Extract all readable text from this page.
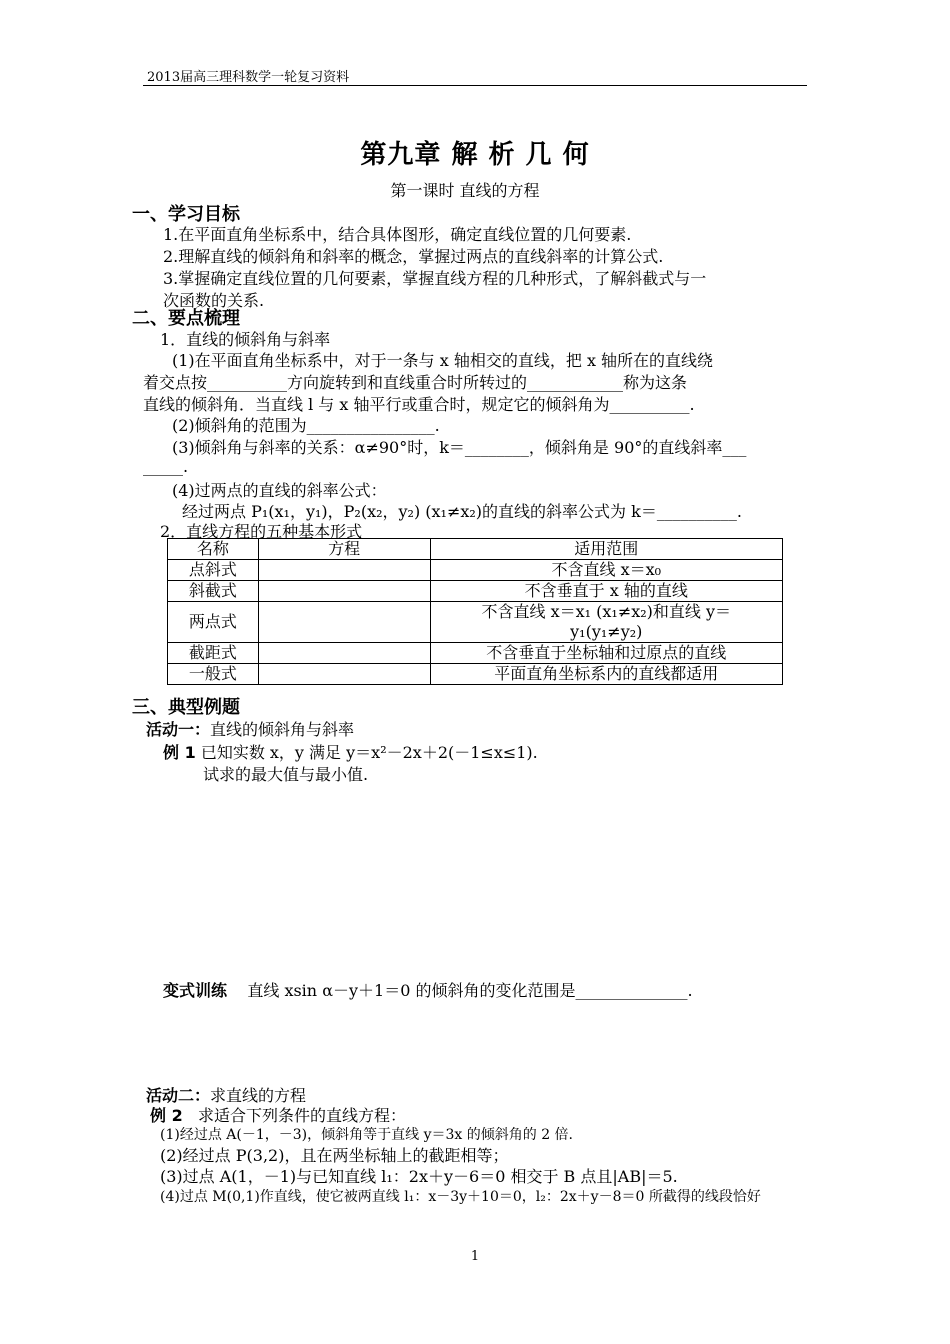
2013届高三理科数学一轮复习资料
第九章 解 析 几 何
第一课时 直线的方程
一、学习目标
1.在平面直角坐标系中，结合具体图形，确定直线位置的几何要素.
2.理解直线的倾斜角和斜率的概念，掌握过两点的直线斜率的计算公式.
3.掌握确定直线位置的几何要素，掌握直线方程的几种形式，了解斜截式与一
次函数的关系.
二、要点梳理
1．直线的倾斜角与斜率
(1)在平面直角坐标系中，对于一条与 x 轴相交的直线，把 x 轴所在的直线绕
着交点按__________方向旋转到和直线重合时所转过的____________称为这条
直线的倾斜角．当直线 l 与 x 轴平行或重合时，规定它的倾斜角为__________.
(2)倾斜角的范围为________________.
(3)倾斜角与斜率的关系：α≠90°时，k＝________，倾斜角是 90°的直线斜率___
_____.
(4)过两点的直线的斜率公式：
经过两点 P₁(x₁，y₁)，P₂(x₂，y₂) (x₁≠x₂)的直线的斜率公式为 k＝__________.
2．直线方程的五种基本形式
名称	方程	适用范围
点斜式		不含直线 x＝x₀
斜截式		不含垂直于 x 轴的直线
两点式		不含直线 x＝x₁ (x₁≠x₂)和直线 y＝
y₁(y₁≠y₂)

截距式		不含垂直于坐标轴和过原点的直线
一般式		平面直角坐标系内的直线都适用
三、典型例题
活动一：直线的倾斜角与斜率
例 1 已知实数 x，y 满足 y＝x²－2x＋2(－1≤x≤1).
试求的最大值与最小值.
变式训练 直线 xsin α－y＋1＝0 的倾斜角的变化范围是______________.
活动二：求直线的方程
例 2 求适合下列条件的直线方程：
(1)经过点 A(－1，－3)，倾斜角等于直线 y＝3x 的倾斜角的 2 倍.
(2)经过点 P(3,2)，且在两坐标轴上的截距相等；
(3)过点 A(1，－1)与已知直线 l₁：2x＋y－6＝0 相交于 B 点且|AB|＝5.
(4)过点 M(0,1)作直线，使它被两直线 l₁：x－3y＋10＝0，l₂：2x＋y－8＝0 所截得的线段恰好
1
